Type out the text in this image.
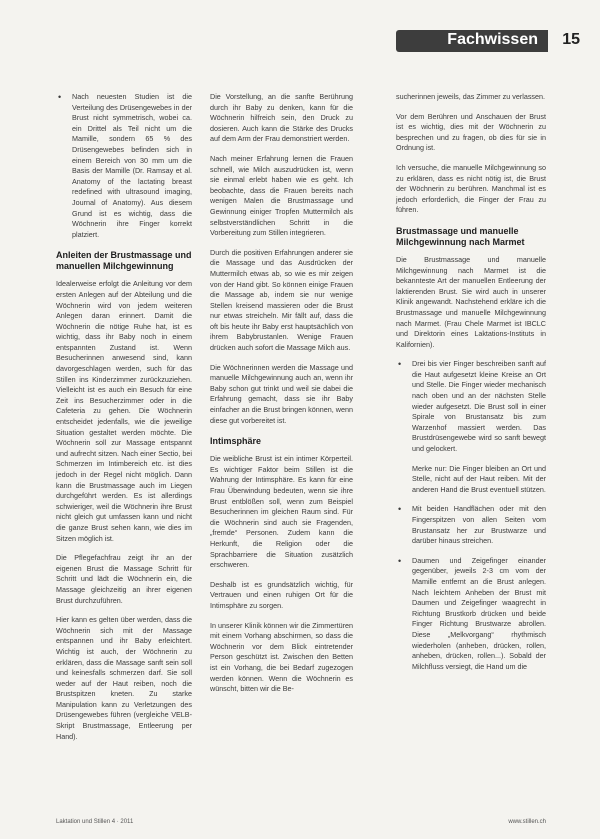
Fachwissen 15

• Nach neuesten Studien ist die Verteilung des Drüsengewebes in der Brust nicht symmetrisch, wobei ca. ein Drittel als Teil nicht um die Mamille, sondern 65 % des Drüsengewebes befinden sich in einem Bereich von 30 mm um die Basis der Mamille (Dr. Ramsay et al. Anatomy of the lactating breast redefined with ultrasound imaging, Journal of Anatomy). Aus diesem Grund ist es wichtig, dass die Wöchnerin ihre Finger korrekt platziert.

Anleiten der Brustmassage und manuellen Milchgewinnung

Idealerweise erfolgt die Anleitung vor dem ersten Anlegen auf der Abteilung und die Wöchnerin wird von jedem weiteren Anlegen daran erinnert. Damit die Wöchnerin die nötige Ruhe hat, ist es wichtig, dass ihr Baby noch in einem entspannten Zustand ist. Wenn Besucherinnen anwesend sind, kann davorgeschlagen werden, such für das Stillen ins Kinderzimmer zurückzuziehen. Vielleicht ist es auch ein Besuch für eine Zeit ins Besucherzimmer oder in die Cafeteria zu gehen. Die Wöchnerin entscheidet jedenfalls, wie die jeweilige Situation gestaltet werden möchte. Die Wöchnerin soll zur Massage entspannt und aufrecht sitzen. Nach einer Sectio, bei Schmerzen im Intimbereich etc. ist dies jedoch in der Regel nicht möglich. Dann kann die Brustmassage auch im Liegen durchgeführt werden. Es ist allerdings schwieriger, weil die Wöchnerin ihre Brust nicht gleich gut umfassen kann und nicht die ganze Brust sehen kann, wie dies im Sitzen möglich ist.

Die Pflegefachfrau zeigt ihr an der eigenen Brust die Massage Schritt für Schritt und lädt die Wöchnerin ein, die Massage gleichzeitig an ihrer eigenen Brust durchzuführen.

Hier kann es gelten über werden, dass die Wöchnerin sich mit der Massage entspannen und ihr Baby erleichtert. Wichtig ist auch, der Wöchnerin zu erklären, dass die Massage sanft sein soll und keinesfalls schmerzen darf. Sie soll weder auf der Haut reiben, noch die Brustspitzen kneten. Zu starke Manipulation kann zu Verletzungen des Drüsengewebes führen (vergleiche VELB-Skript Brustmassage, Entleerung per Hand).

Die Vorstellung, an die sanfte Berührung durch ihr Baby zu denken, kann für die Wöchnerin hilfreich sein, den Druck zu dosieren. Auch kann die Stärke des Drucks auf dem Arm der Frau demonstriert werden.

Nach meiner Erfahrung lernen die Frauen schnell, wie Milch auszudrücken ist, wenn sie einmal erlebt haben wie es geht. Ich beobachte, dass die Frauen bereits nach wenigen Malen die Brustmassage und Gewinnung einiger Tropfen Muttermilch als selbstverständlichen Schritt in die Vorbereitung zum Stillen integrieren.

Durch die positiven Erfahrungen anderer sie die Massage und das Ausdrücken der Muttermilch etwas ab, so wie es mir zeigen von der Hand gibt. So können einige Frauen die Massage ab, indem sie nur wenige Stellen kreisend massieren oder die Brust nur etwas streicheln. Mir fällt auf, dass die oft bis heute ihr Baby erst hauptsächlich von ihrem Babybrustanlen. Wenige Frauen drücken auch sofort die Massage Milch aus.

Die Wöchnerinnen werden die Massage und manuelle Milchgewinnung auch an, wenn ihr Baby schon gut trinkt und weil sie dabei die Erfahrung gemacht, dass sie ihr Baby einfacher an die Brust bringen können, wenn diese gut vorbereitet ist.

Intimsphäre

Die weibliche Brust ist ein intimer Körperteil. Es wichtiger Faktor beim Stillen ist die Wahrung der Intimsphäre. Es kann für eine Frau Überwindung bedeuten, wenn sie ihre Brust entblößen soll, wenn zum Beispiel Besucherinnen im gleichen Raum sind. Für die Wöchnerin sind auch sie Fragenden, „fremde“ Personen. Zudem kann die Herkunft, die Religion oder die Sprachbarriere die Situation zusätzlich erschweren.

Deshalb ist es grundsätzlich wichtig, für Vertrauen und einen ruhigen Ort für die Intimsphäre zu sorgen.

In unserer Klinik können wir die Zimmertüren mit einem Vorhang abschirmen, so dass die Wöchnerin vor dem Blick eintretender Person geschützt ist. Zwischen den Betten ist ein Vorhang, die bei Bedarf zugezogen werden können. Wenn die Wöchnerin es wünscht, bitten wir die Be-

sucherinnen jeweils, das Zimmer zu verlassen.

Vor dem Berühren und Anschauen der Brust ist es wichtig, dies mit der Wöchnerin zu besprechen und zu fragen, ob dies für sie in Ordnung ist.

Ich versuche, die manuelle Milchgewinnung so zu erklären, dass es nicht nötig ist, die Brust der Wöchnerin zu berühren. Manchmal ist es jedoch erforderlich, die Finger der Frau zu führen.

Brustmassage und manuelle Milchgewinnung nach Marmet

Die Brustmassage und manuelle Milchgewinnung nach Marmet ist die bekannteste Art der manuellen Entleerung der laktierenden Brust. Sie wird auch in unserer Klinik angewandt. Nachstehend erkläre ich die Brustmassage und manuelle Milchgewinnung nach Marmet. (Frau Chele Marmet ist IBCLC und Direktorin eines Laktations-Instituts in Kalifornien).

• Drei bis vier Finger beschreiben sanft auf die Haut aufgesetzt kleine Kreise an Ort und Stelle. Die Finger wieder mechanisch nach oben und an der nächsten Stelle wieder aufgesetzt. Die Brust soll in einer Spirale von Brustansatz bis zum Warzenhof massiert werden. Das Brustdrüsengewebe wird so sanft bewegt und gelockert.

Merke nur: Die Finger bleiben an Ort und Stelle, nicht auf der Haut reiben. Mit der anderen Hand die Brust eventuell stützen.

• Mit beiden Handflächen oder mit den Fingerspitzen von allen Seiten vom Brustansatz her zur Brustwarze und darüber hinaus streichen.

• Daumen und Zeigefinger einander gegenüber, jeweils 2-3 cm vom der Mamille entfernt an die Brust anlegen. Nach leichtem Anheben der Brust mit Daumen und Zeigefinger waagrecht in Richtung Brustkorb drücken und beide Finger Richtung Brustwarze abrollen. Diese „Melkvorgang“ rhythmisch wiederholen (anheben, drücken, rollen, anheben, drücken, rollen...). Sobald der Milchfluss versiegt, die Hand um die

Laktation und Stillen 4 · 2011	www.stillen.ch
